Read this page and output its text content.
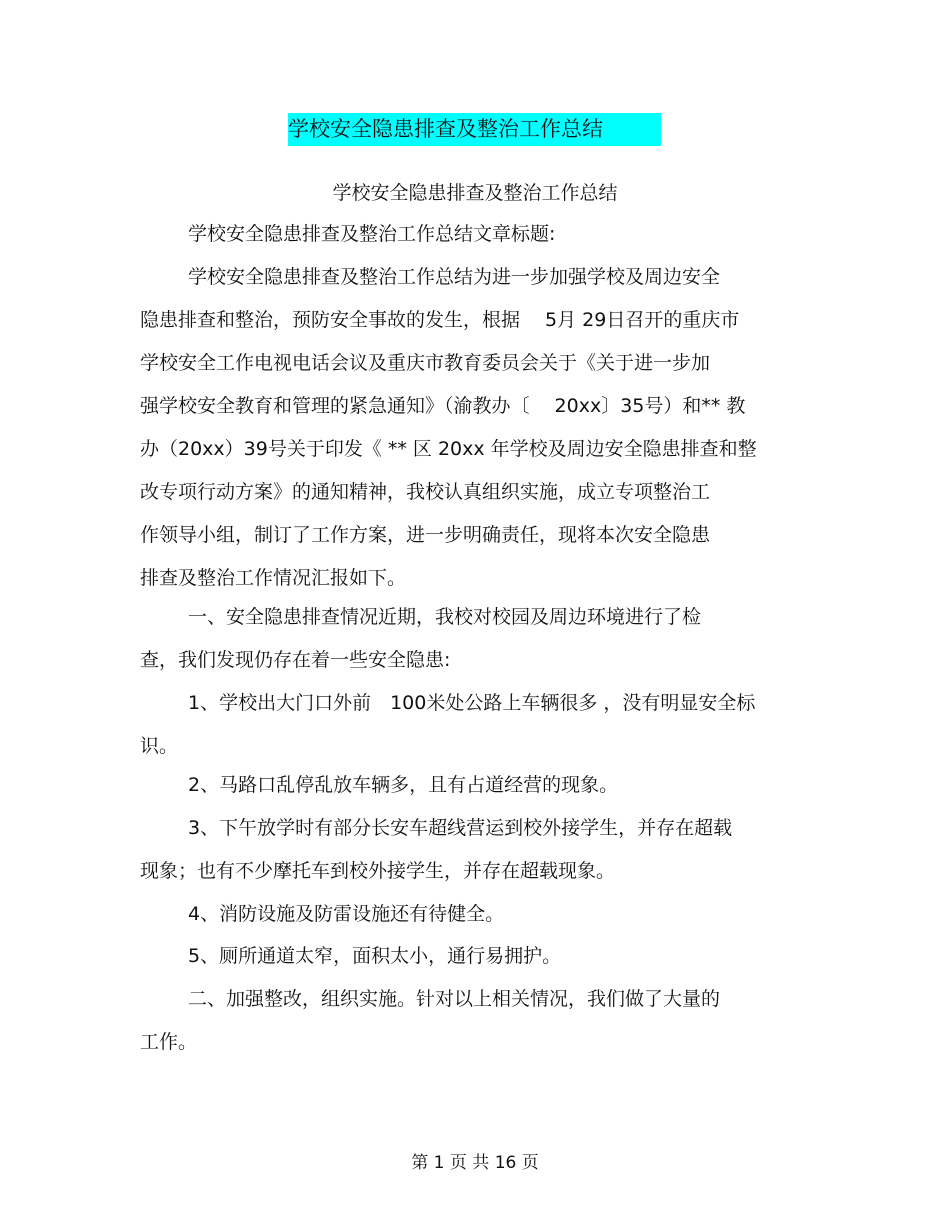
学校安全隐患排查及整治工作总结
学校安全隐患排查及整治工作总结
学校安全隐患排查及整治工作总结文章标题:
学校安全隐患排查及整治工作总结为进一步加强学校及周边安全
隐患排查和整治，预防安全事故的发生，根据　 5月 29日召开的重庆市
学校安全工作电视电话会议及重庆市教育委员会关于《关于进一步加
强学校安全教育和管理的紧急通知》（渝教办〔　 20xx〕35号）和** 教
办（20xx）39号关于印发《 ** 区 20xx 年学校及周边安全隐患排查和整
改专项行动方案》的通知精神，我校认真组织实施，成立专项整治工
作领导小组，制订了工作方案，进一步明确责任，现将本次安全隐患
排查及整治工作情况汇报如下。
一、安全隐患排查情况近期，我校对校园及周边环境进行了检
查，我们发现仍存在着一些安全隐患:
1、学校出大门口外前　100米处公路上车辆很多 ，没有明显安全标
识。
2、马路口乱停乱放车辆多，且有占道经营的现象。
3、下午放学时有部分长安车超线营运到校外接学生，并存在超载
现象；也有不少摩托车到校外接学生，并存在超载现象。
4、消防设施及防雷设施还有待健全。
5、厕所通道太窄，面积太小，通行易拥护。
二、加强整改，组织实施。针对以上相关情况，我们做了大量的
工作。
第 1 页 共 16 页
